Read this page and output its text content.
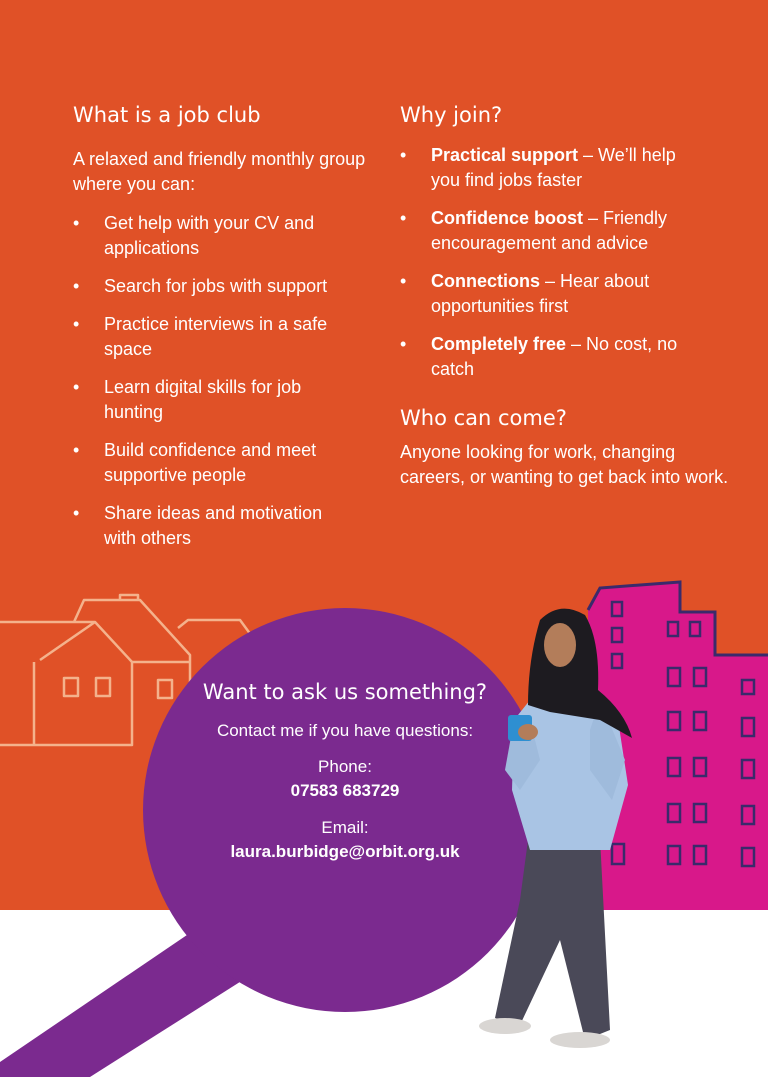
What is a job club

A relaxed and friendly monthly group where you can:

• Get help with your CV and applications
• Search for jobs with support
• Practice interviews in a safe space
• Learn digital skills for job hunting
• Build confidence and meet supportive people
• Share ideas and motivation with others
Why join?
• Practical support – We’ll help you find jobs faster
• Confidence boost – Friendly encouragement and advice
• Connections – Hear about opportunities first
• Completely free – No cost, no catch
Who can come?

Anyone looking for work, changing careers, or wanting to get back into work.

Want to ask us something?
Contact me if you have questions:
Phone:
07583 683729
Email:
laura.burbidge@orbit.org.uk
